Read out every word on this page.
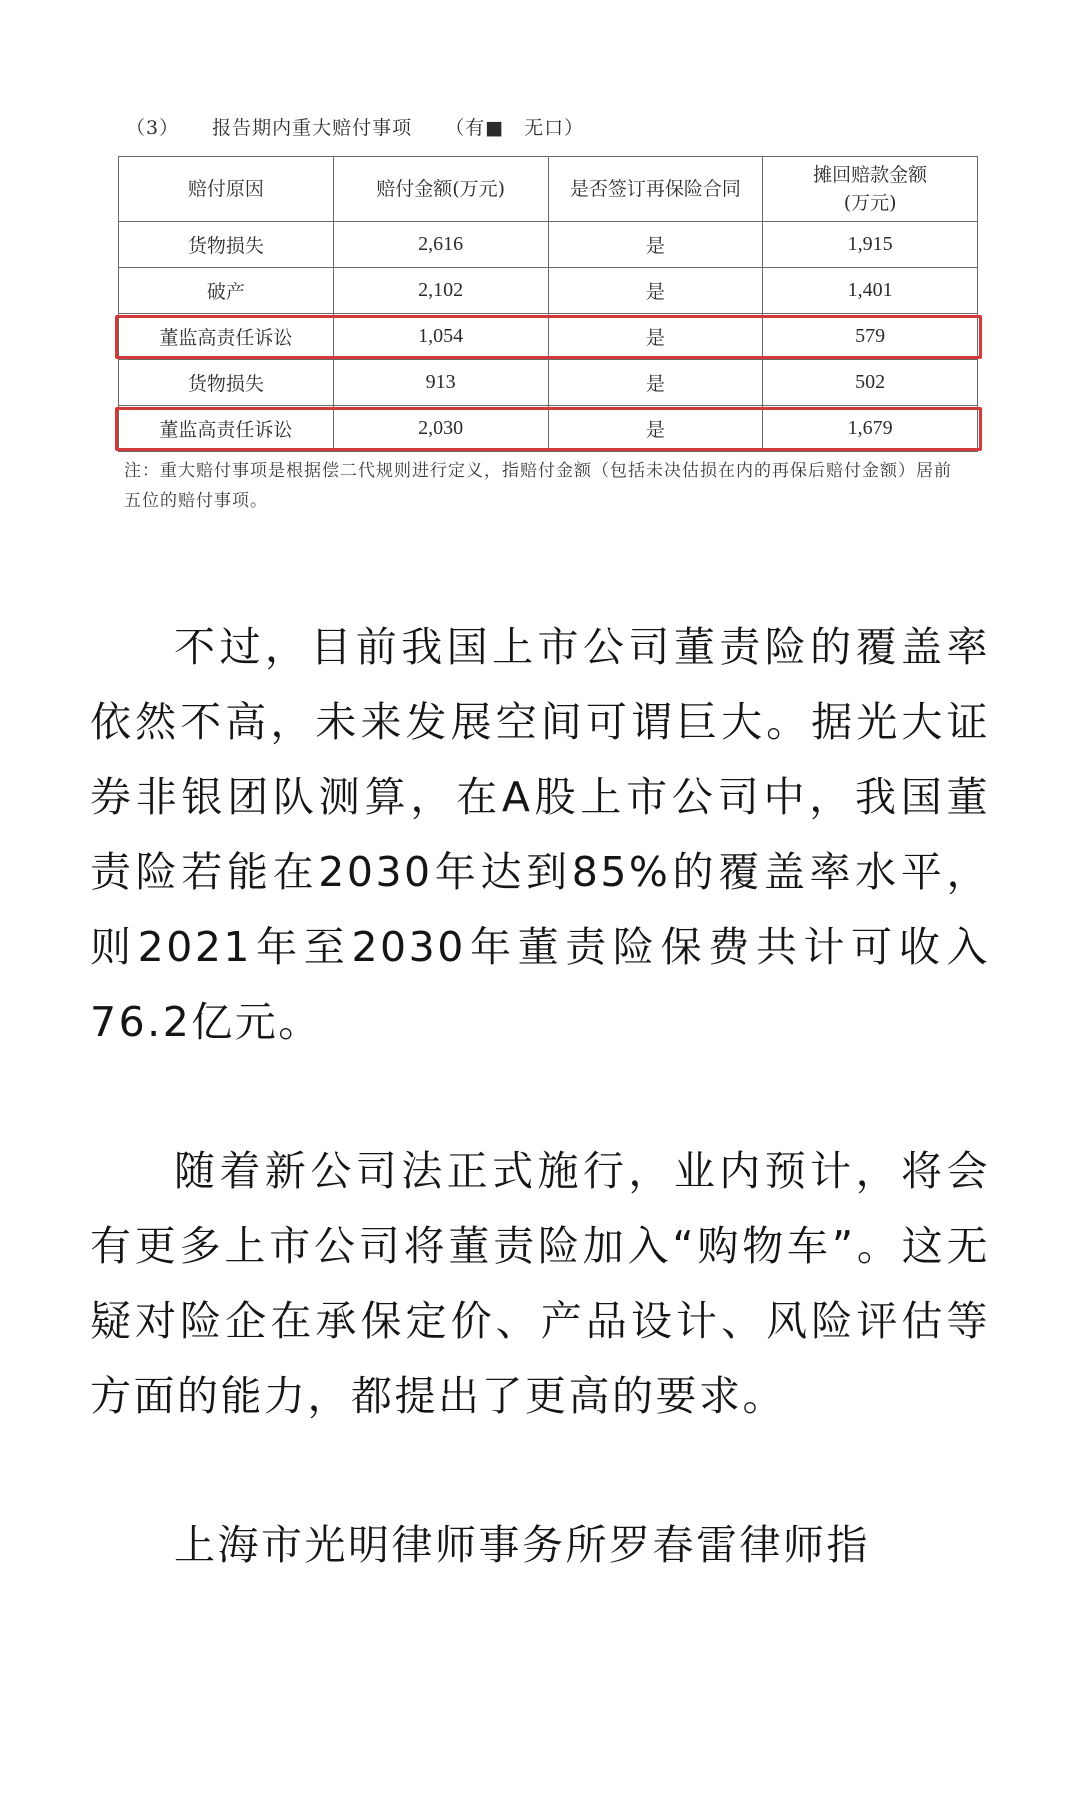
（3） 报告期内重大赔付事项 （有■　无口）
赔付原因	赔付金额(万元)	是否签订再保险合同	摊回赔款金额
(万元)
货物损失	2,616	是	1,915
破产	2,102	是	1,401
董监高责任诉讼	1,054	是	579
货物损失	913	是	502
董监高责任诉讼	2,030	是	1,679
注：重大赔付事项是根据偿二代规则进行定义，指赔付金额（包括未决估损在内的再保后赔付金额）居前五位的赔付事项。

不过，目前我国上市公司董责险的覆盖率依然不高，未来发展空间可谓巨大。据光大证券非银团队测算，在A股上市公司中，我国董责险若能在2030年达到85%的覆盖率水平，则2021年至2030年董责险保费共计可收入76.2亿元。

随着新公司法正式施行，业内预计，将会有更多上市公司将董责险加入“购物车”。这无疑对险企在承保定价、产品设计、风险评估等方面的能力，都提出了更高的要求。

上海市光明律师事务所罗春雷律师指
